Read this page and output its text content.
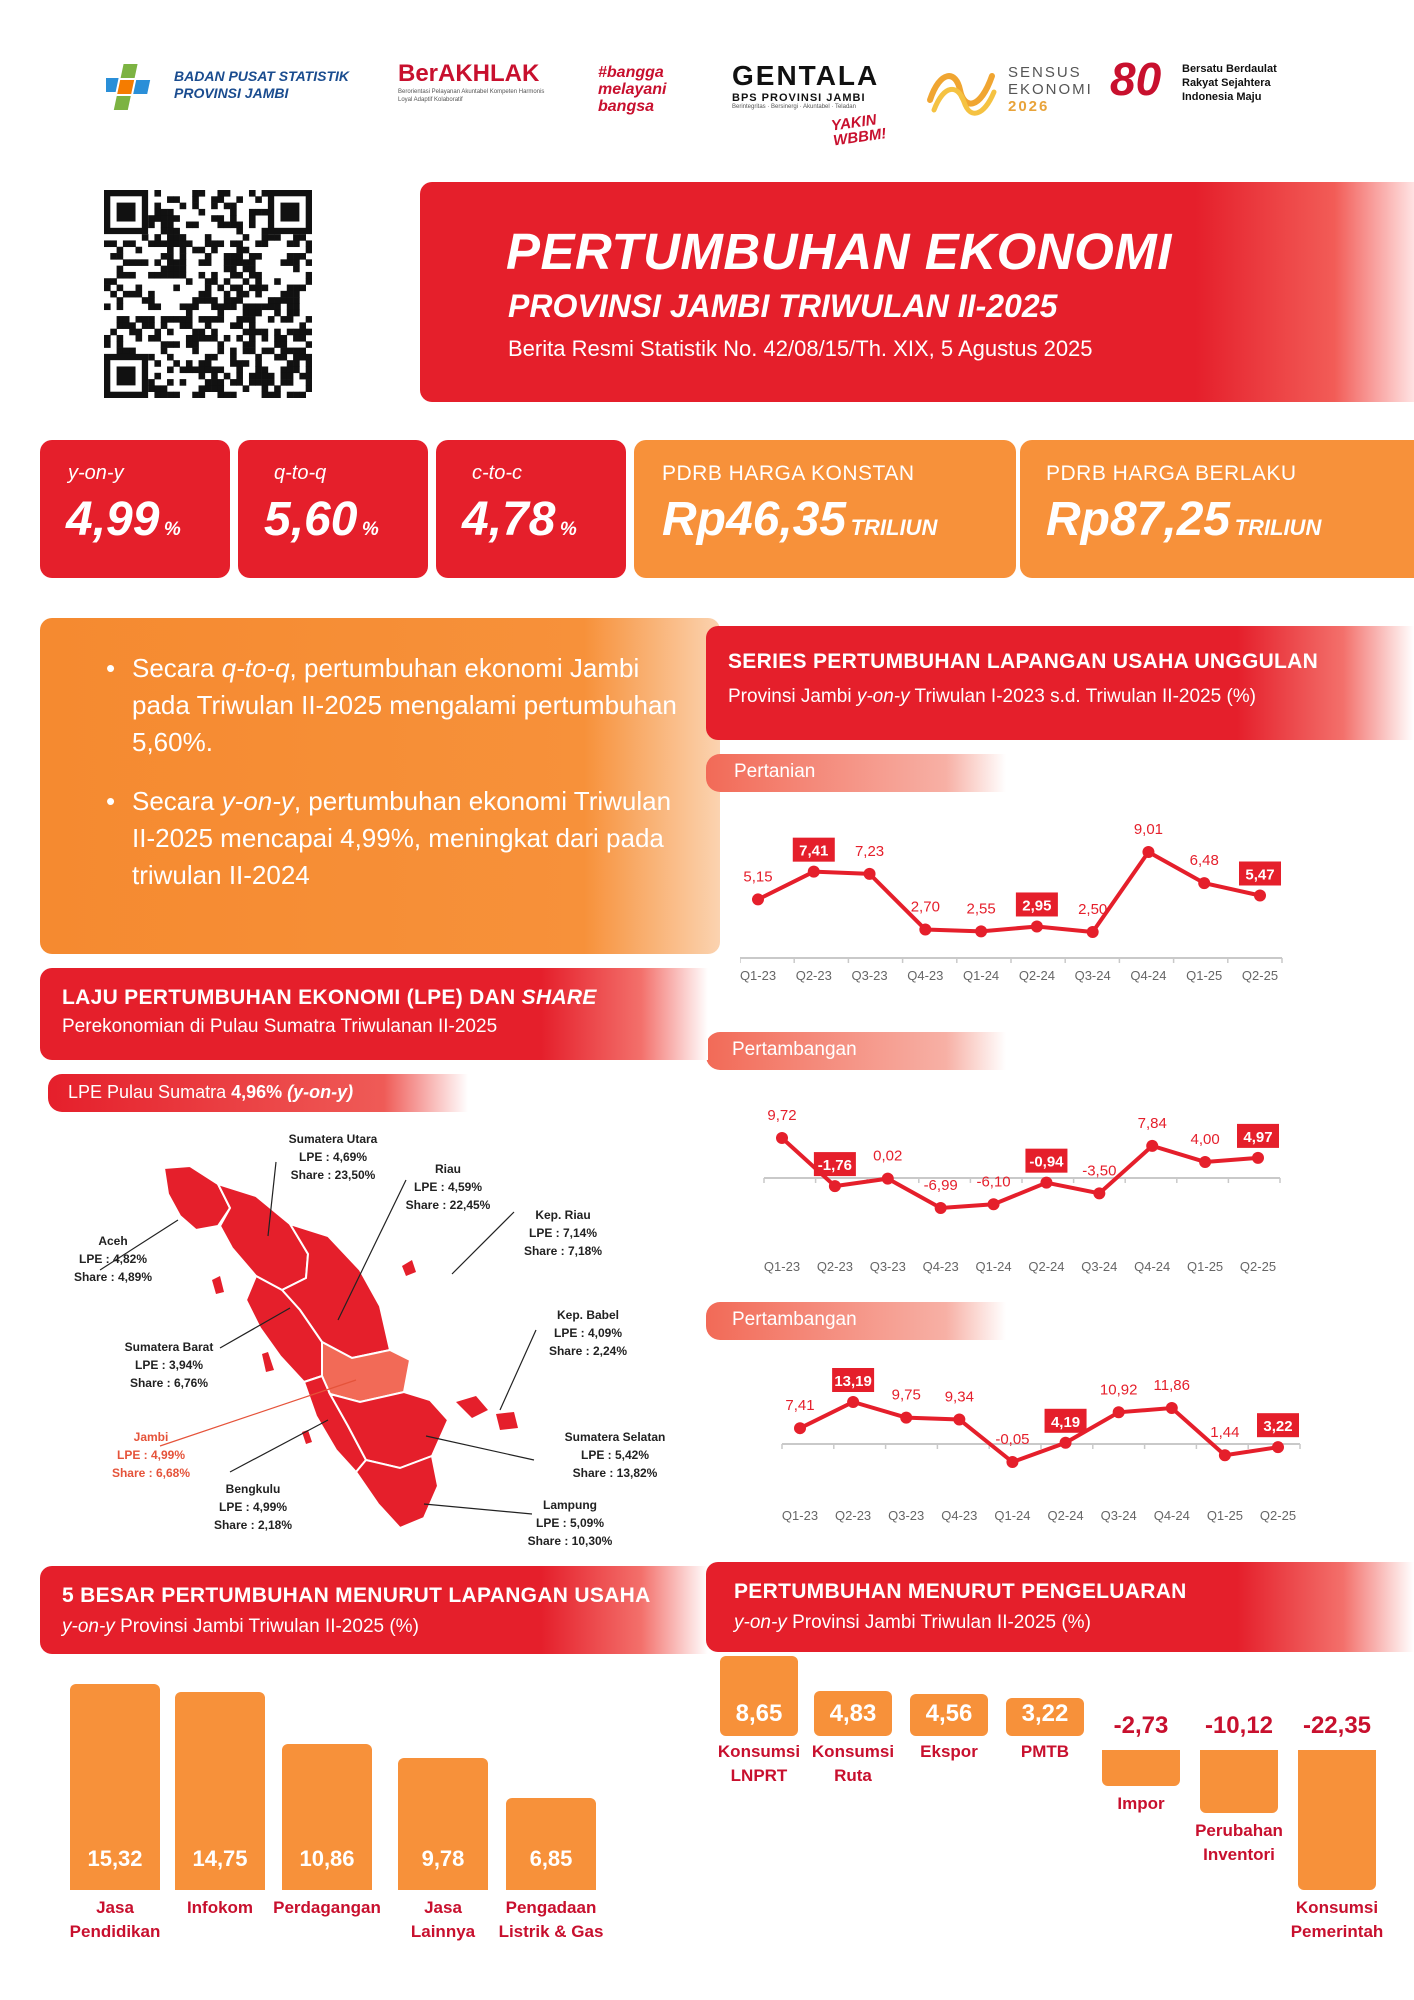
BADAN PUSAT STATISTIK PROVINSI JAMBI
BerAKHLAK
Berorientasi Pelayanan Akuntabel Kompeten Harmonis Loyal Adaptif Kolaboratif
#bangga
melayani
bangsa
GENTALA
BPS PROVINSI JAMBI
Berintegritas · Bersinergi · Akuntabel · Teladan
YAKIN WBBM!
SENSUS
EKONOMI
2026
80 Bersatu Berdaulat Rakyat Sejahtera Indonesia Maju
PERTUMBUHAN EKONOMI
PROVINSI JAMBI TRIWULAN II-2025
Berita Resmi Statistik No. 42/08/15/Th. XIX, 5 Agustus 2025
y-on-y
4,99 %
q-to-q
5,60 %
c-to-c
4,78 %
PDRB HARGA KONSTAN
Rp46,35 TRILIUN
PDRB HARGA BERLAKU
Rp87,25 TRILIUN
• Secara q-to-q, pertumbuhan ekonomi Jambi pada Triwulan II-2025 mengalami pertumbuhan 5,60%.
• Secara y-on-y, pertumbuhan ekonomi Triwulan II-2025 mencapai 4,99%, meningkat dari pada triwulan II-2024
SERIES PERTUMBUHAN LAPANGAN USAHA UNGGULAN
Provinsi Jambi y-on-y Triwulan I-2023 s.d. Triwulan II-2025 (%)
Pertanian
Pertambangan
Pertambangan
5,15
Q1-23
7,41
Q2-23
7,23
Q3-23
2,70
Q4-23
2,55
Q1-24
2,95
Q2-24
2,50
Q3-24
9,01
Q4-24
6,48
Q1-25
5,47
Q2-25
9,72
Q1-23
-1,76
Q2-23
0,02
Q3-23
-6,99
Q4-23
-6,10
Q1-24
-0,94
Q2-24
-3,50
Q3-24
7,84
Q4-24
4,00
Q1-25
4,97
Q2-25
7,41
Q1-23
13,19
Q2-23
9,75
Q3-23
9,34
Q4-23
-0,05
Q1-24
4,19
Q2-24
10,92
Q3-24
11,86
Q4-24
1,44
Q1-25
3,22
Q2-25
LAJU PERTUMBUHAN EKONOMI (LPE) DAN SHARE
Perekonomian di Pulau Sumatra Triwulanan II-2025
LPE Pulau Sumatra 4,96% (y-on-y)
Aceh
LPE : 4,82%
Share : 4,89%
Sumatera Utara
LPE : 4,69%
Share : 23,50%	Riau
LPE : 4,59%
Share : 22,45%
Kep. Riau
LPE : 7,14%
Share : 7,18%
Sumatera Barat
LPE : 3,94%
Share : 6,76%
Kep. Babel
LPE : 4,09%
Share : 2,24%
Jambi
LPE : 4,99%
Share : 6,68%
Sumatera Selatan
LPE : 5,42%
Share : 13,82%
Bengkulu
LPE : 4,99%
Share : 2,18%
Lampung
LPE : 5,09%
Share : 10,30%
5 BESAR PERTUMBUHAN MENURUT LAPANGAN USAHA
y-on-y Provinsi Jambi Triwulan II-2025 (%)
15,32
Jasa
Pendidikan
14,75
Infokom
10,86
Perdagangan
9,78
Jasa
Lainnya
6,85
Pengadaan
Listrik & Gas
PERTUMBUHAN MENURUT PENGELUARAN
y-on-y Provinsi Jambi Triwulan II-2025 (%)
8,65
Konsumsi
LNPRT
4,83
Konsumsi
Ruta
4,56
Ekspor
3,22
PMTB
-2,73
Impor
-10,12
Perubahan
Inventori
-22,35
Konsumsi
Pemerintah
